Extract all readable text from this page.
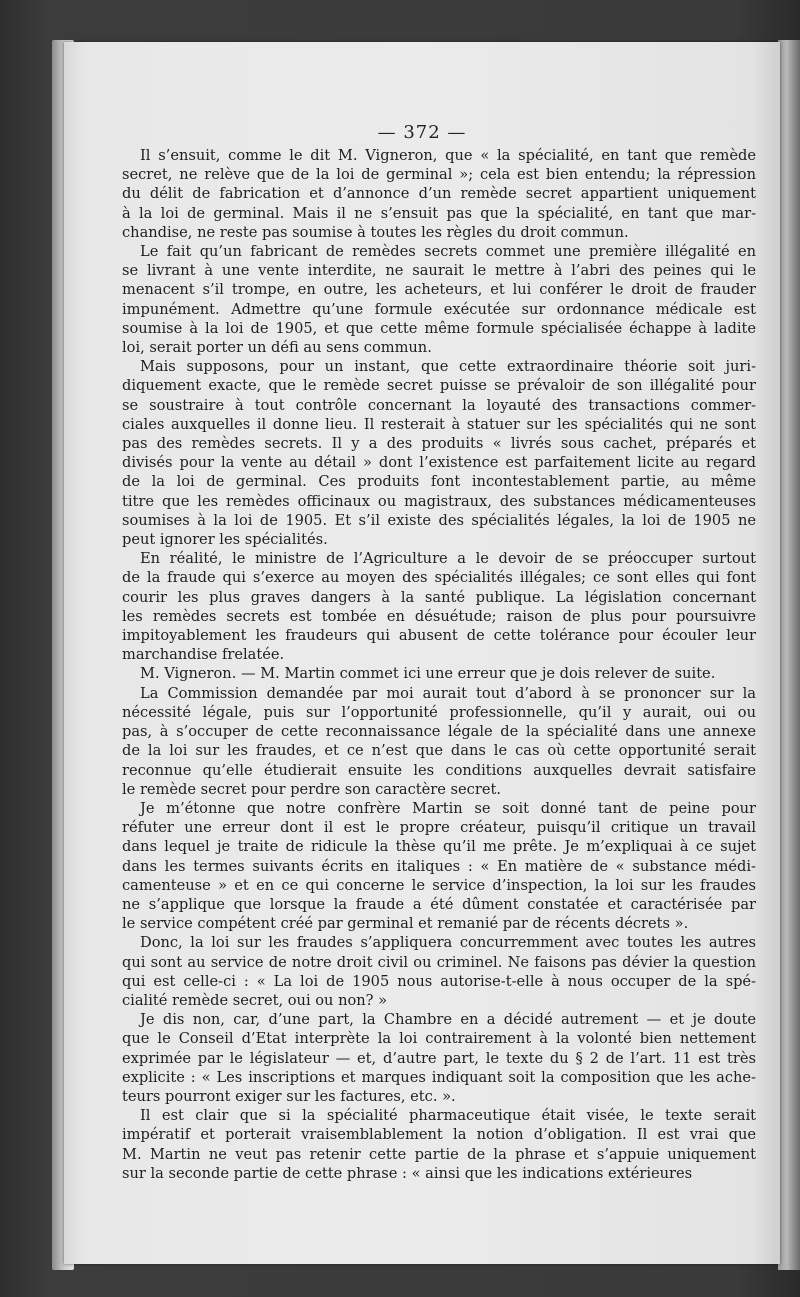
— 372 —
Il s’ensuit, comme le dit M. Vigneron, que « la spécialité, en tant que remède
secret, ne relève que de la loi de germinal »; cela est bien entendu; la répression
du délit de fabrication et d’annonce d’un remède secret appartient uniquement
à la loi de germinal. Mais il ne s’ensuit pas que la spécialité, en tant que mar-
chandise, ne reste pas soumise à toutes les règles du droit commun.
Le fait qu’un fabricant de remèdes secrets commet une première illégalité en
se livrant à une vente interdite, ne saurait le mettre à l’abri des peines qui le
menacent s’il trompe, en outre, les acheteurs, et lui conférer le droit de frauder
impunément. Admettre qu’une formule exécutée sur ordonnance médicale est
soumise à la loi de 1905, et que cette même formule spécialisée échappe à ladite
loi, serait porter un défi au sens commun.
Mais supposons, pour un instant, que cette extraordinaire théorie soit juri-
diquement exacte, que le remède secret puisse se prévaloir de son illégalité pour
se soustraire à tout contrôle concernant la loyauté des transactions commer-
ciales auxquelles il donne lieu. Il resterait à statuer sur les spécialités qui ne sont
pas des remèdes secrets. Il y a des produits « livrés sous cachet, préparés et
divisés pour la vente au détail » dont l’existence est parfaitement licite au regard
de la loi de germinal. Ces produits font incontestablement partie, au même
titre que les remèdes officinaux ou magistraux, des substances médicamenteuses
soumises à la loi de 1905. Et s’il existe des spécialités légales, la loi de 1905 ne
peut ignorer les spécialités.
En réalité, le ministre de l’Agriculture a le devoir de se préoccuper surtout
de la fraude qui s’exerce au moyen des spécialités illégales; ce sont elles qui font
courir les plus graves dangers à la santé publique. La législation concernant
les remèdes secrets est tombée en désuétude; raison de plus pour poursuivre
impitoyablement les fraudeurs qui abusent de cette tolérance pour écouler leur
marchandise frelatée.
M. Vigneron. — M. Martin commet ici une erreur que je dois relever de suite.
La Commission demandée par moi aurait tout d’abord à se prononcer sur la
nécessité légale, puis sur l’opportunité professionnelle, qu’il y aurait, oui ou
pas, à s’occuper de cette reconnaissance légale de la spécialité dans une annexe
de la loi sur les fraudes, et ce n’est que dans le cas où cette opportunité serait
reconnue qu’elle étudierait ensuite les conditions auxquelles devrait satisfaire
le remède secret pour perdre son caractère secret.
Je m’étonne que notre confrère Martin se soit donné tant de peine pour
réfuter une erreur dont il est le propre créateur, puisqu’il critique un travail
dans lequel je traite de ridicule la thèse qu’il me prête. Je m’expliquai à ce sujet
dans les termes suivants écrits en italiques : « En matière de « substance médi-
camenteuse » et en ce qui concerne le service d’inspection, la loi sur les fraudes
ne s’applique que lorsque la fraude a été dûment constatée et caractérisée par
le service compétent créé par germinal et remanié par de récents décrets ».
Donc, la loi sur les fraudes s’appliquera concurremment avec toutes les autres
qui sont au service de notre droit civil ou criminel. Ne faisons pas dévier la question
qui est celle-ci : « La loi de 1905 nous autorise-t-elle à nous occuper de la spé-
cialité remède secret, oui ou non? »
Je dis non, car, d’une part, la Chambre en a décidé autrement — et je doute
que le Conseil d’Etat interprète la loi contrairement à la volonté bien nettement
exprimée par le législateur — et, d’autre part, le texte du § 2 de l’art. 11 est très
explicite : « Les inscriptions et marques indiquant soit la composition que les ache-
teurs pourront exiger sur les factures, etc. ».
Il est clair que si la spécialité pharmaceutique était visée, le texte serait
impératif et porterait vraisemblablement la notion d’obligation. Il est vrai que
M. Martin ne veut pas retenir cette partie de la phrase et s’appuie uniquement
sur la seconde partie de cette phrase : « ainsi que les indications extérieures
